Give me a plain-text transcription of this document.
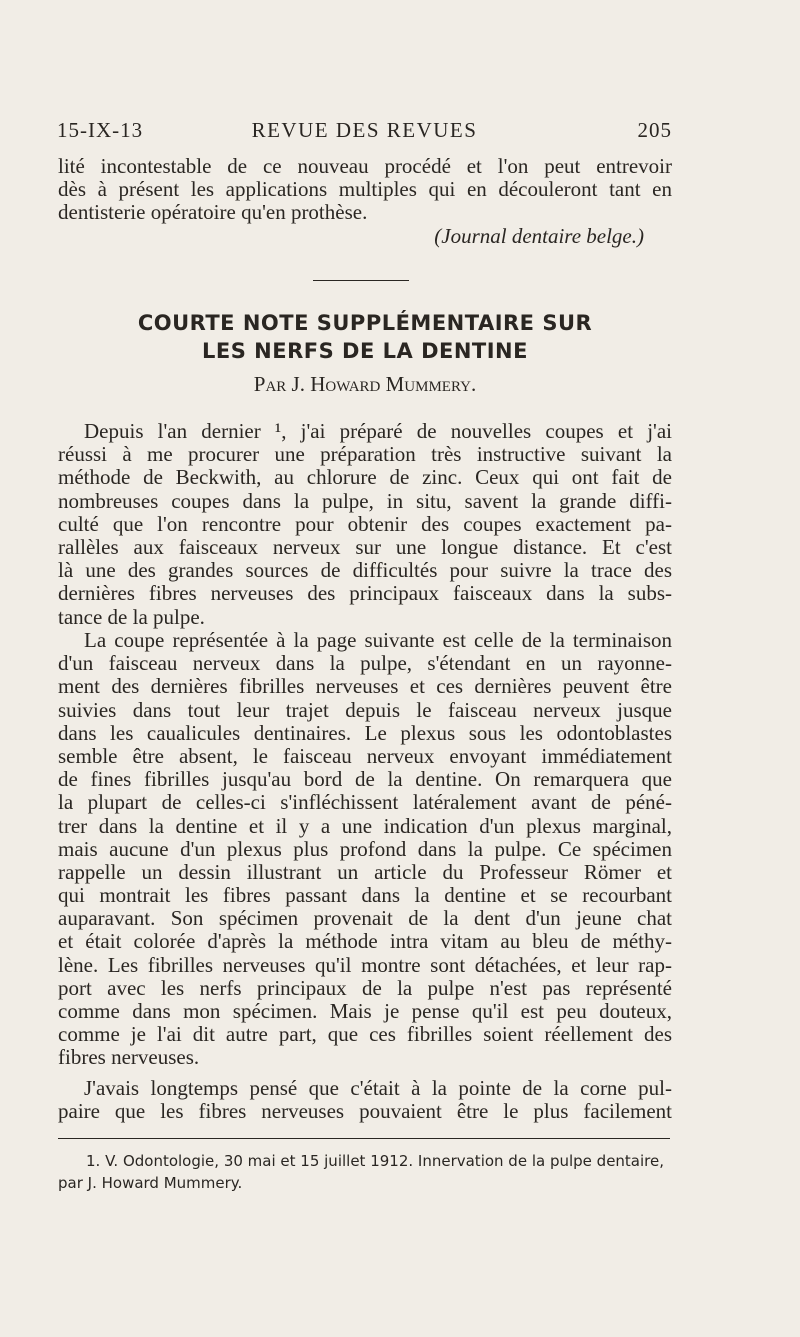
15-IX-13	REVUE DES REVUES	205
lité incontestable de ce nouveau procédé et l'on peut entrevoir
dès à présent les applications multiples qui en découleront tant en
dentisterie opératoire qu'en prothèse.
(Journal dentaire belge.)
COURTE NOTE SUPPLÉMENTAIRE SUR
LES NERFS DE LA DENTINE
Par J. Howard Mummery.
Depuis l'an dernier ¹, j'ai préparé de nouvelles coupes et j'ai
réussi à me procurer une préparation très instructive suivant la
méthode de Beckwith, au chlorure de zinc. Ceux qui ont fait de
nombreuses coupes dans la pulpe, in situ, savent la grande diffi-
culté que l'on rencontre pour obtenir des coupes exactement pa-
rallèles aux faisceaux nerveux sur une longue distance. Et c'est
là une des grandes sources de difficultés pour suivre la trace des
dernières fibres nerveuses des principaux faisceaux dans la subs-
tance de la pulpe.
La coupe représentée à la page suivante est celle de la terminaison
d'un faisceau nerveux dans la pulpe, s'étendant en un rayonne-
ment des dernières fibrilles nerveuses et ces dernières peuvent être
suivies dans tout leur trajet depuis le faisceau nerveux jusque
dans les caualicules dentinaires. Le plexus sous les odontoblastes
semble être absent, le faisceau nerveux envoyant immédiatement
de fines fibrilles jusqu'au bord de la dentine. On remarquera que
la plupart de celles-ci s'infléchissent latéralement avant de péné-
trer dans la dentine et il y a une indication d'un plexus marginal,
mais aucune d'un plexus plus profond dans la pulpe. Ce spécimen
rappelle un dessin illustrant un article du Professeur Römer et
qui montrait les fibres passant dans la dentine et se recourbant
auparavant. Son spécimen provenait de la dent d'un jeune chat
et était colorée d'après la méthode intra vitam au bleu de méthy-
lène. Les fibrilles nerveuses qu'il montre sont détachées, et leur rap-
port avec les nerfs principaux de la pulpe n'est pas représenté
comme dans mon spécimen. Mais je pense qu'il est peu douteux,
comme je l'ai dit autre part, que ces fibrilles soient réellement des
fibres nerveuses.
J'avais longtemps pensé que c'était à la pointe de la corne pul-
paire que les fibres nerveuses pouvaient être le plus facilement
1. V. Odontologie, 30 mai et 15 juillet 1912. Innervation de la pulpe dentaire,
par J. Howard Mummery.
